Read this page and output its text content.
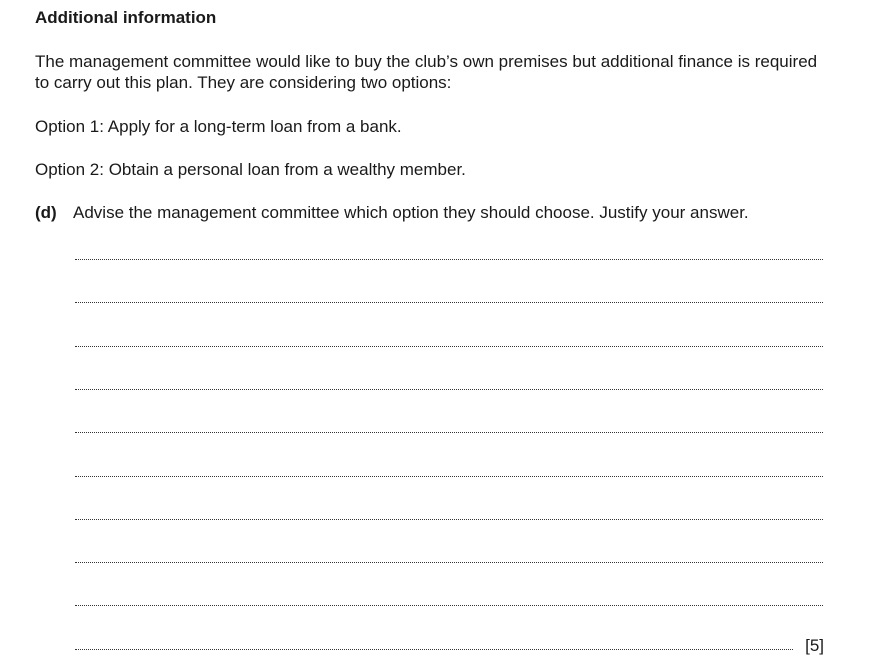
Additional information
The management committee would like to buy the club’s own premises but additional finance is required to carry out this plan. They are considering two options:
Option 1: Apply for a long-term loan from a bank.
Option 2: Obtain a personal loan from a wealthy member.
(d) Advise the management committee which option they should choose. Justify your answer.
[5]
